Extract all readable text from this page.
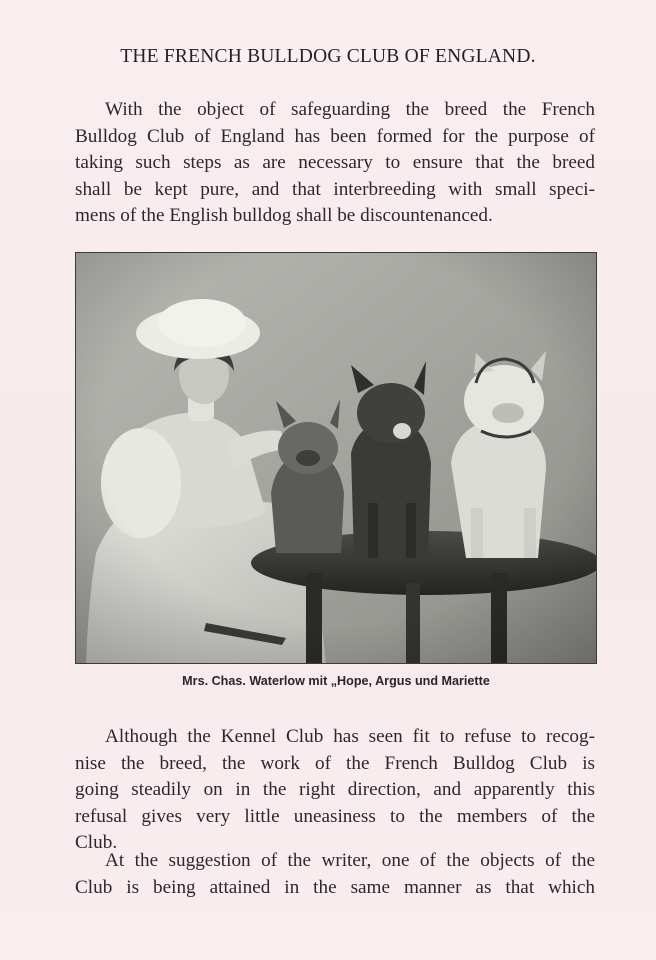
THE FRENCH BULLDOG CLUB OF ENGLAND.
With the object of safeguarding the breed the French
Bulldog Club of England has been formed for the purpose of
taking such steps as are necessary to ensure that the breed
shall be kept pure, and that interbreeding with small speci-
mens of the English bulldog shall be discountenanced.
Mrs. Chas. Waterlow mit „Hope, Argus und Mariette
Although the Kennel Club has seen fit to refuse to recog-
nise the breed, the work of the French Bulldog Club is
going steadily on in the right direction, and apparently this
refusal gives very little uneasiness to the members of the
Club.
At the suggestion of the writer, one of the objects of the
Club is being attained in the same manner as that which
